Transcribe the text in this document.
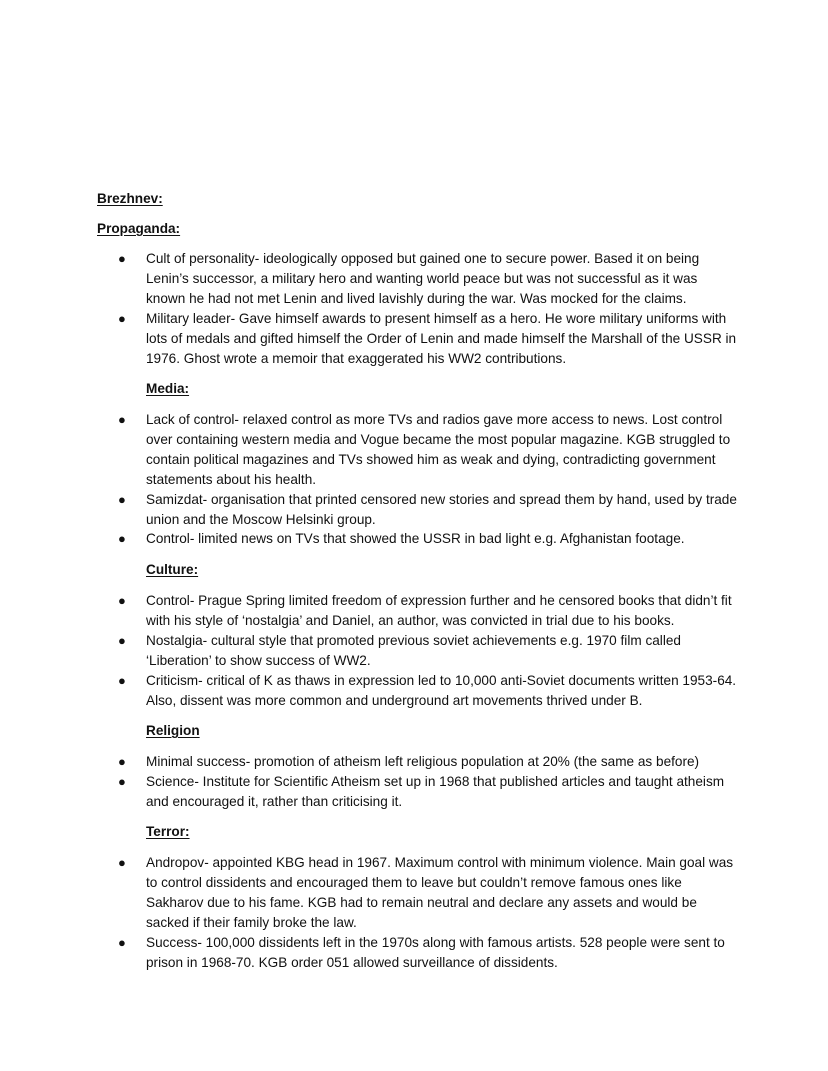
Brezhnev:
Propaganda:
● Cult of personality- ideologically opposed but gained one to secure power. Based it on being Lenin’s successor, a military hero and wanting world peace but was not successful as it was known he had not met Lenin and lived lavishly during the war. Was mocked for the claims.
● Military leader- Gave himself awards to present himself as a hero. He wore military uniforms with lots of medals and gifted himself the Order of Lenin and made himself the Marshall of the USSR in 1976. Ghost wrote a memoir that exaggerated his WW2 contributions.
Media:
● Lack of control- relaxed control as more TVs and radios gave more access to news. Lost control over containing western media and Vogue became the most popular magazine. KGB struggled to contain political magazines and TVs showed him as weak and dying, contradicting government statements about his health.
● Samizdat- organisation that printed censored new stories and spread them by hand, used by trade union and the Moscow Helsinki group.
● Control- limited news on TVs that showed the USSR in bad light e.g. Afghanistan footage.
Culture:
● Control- Prague Spring limited freedom of expression further and he censored books that didn’t fit with his style of ‘nostalgia’ and Daniel, an author, was convicted in trial due to his books.
● Nostalgia- cultural style that promoted previous soviet achievements e.g. 1970 film called ‘Liberation’ to show success of WW2.
● Criticism- critical of K as thaws in expression led to 10,000 anti-Soviet documents written 1953-64. Also, dissent was more common and underground art movements thrived under B.
Religion
● Minimal success- promotion of atheism left religious population at 20% (the same as before)
● Science- Institute for Scientific Atheism set up in 1968 that published articles and taught atheism and encouraged it, rather than criticising it.
Terror:
● Andropov- appointed KBG head in 1967. Maximum control with minimum violence. Main goal was to control dissidents and encouraged them to leave but couldn’t remove famous ones like Sakharov due to his fame. KGB had to remain neutral and declare any assets and would be sacked if their family broke the law.
● Success- 100,000 dissidents left in the 1970s along with famous artists. 528 people were sent to prison in 1968-70. KGB order 051 allowed surveillance of dissidents.
